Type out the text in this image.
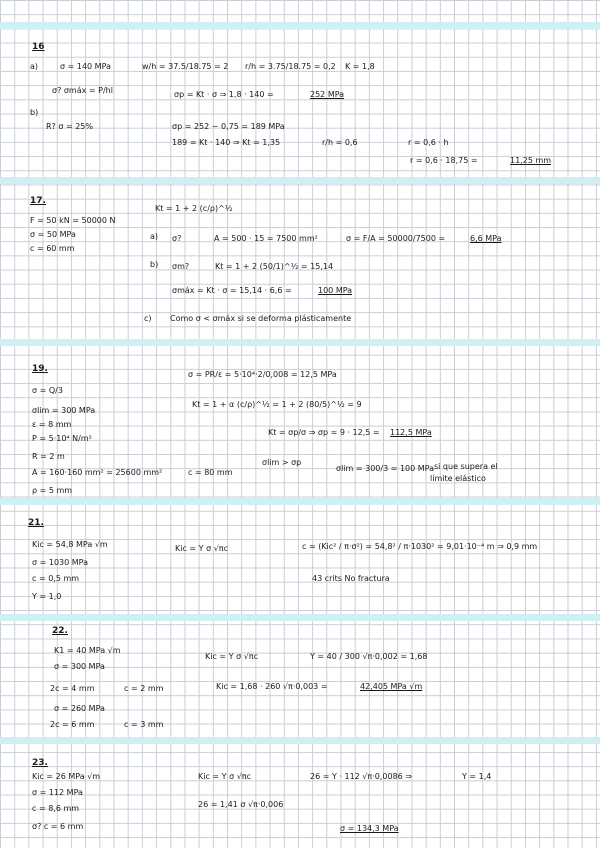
16
a)	σ = 140 MPa	w/h = 37.5/18.75 = 2 r/h = 3.75/18.75 = 0,2 K = 1,8
σ? σmáx = P/hl	σp = Kt · σ ⇒ 1,8 · 140 =	252 MPa
b)
R? σ = 25%	σp = 252 − 0,75 = 189 MPa
189 = Kt · 140 ⇒ Kt = 1,35	r/h = 0,6	r = 0,6 · h
r = 0,6 · 18,75 =	11,25 mm
17.
Kt = 1 + 2 (c/ρ)^½
F = 50 kN = 50000 N
σ = 50 MPa
c = 60 mm
a) σ?	A = 500 · 15 = 7500 mm²	σ = F/A = 50000/7500 =	6,6 MPa
b) σm?	Kt = 1 + 2 (50/1)^½ = 15,14
σmáx = Kt · σ = 15,14 · 6,6 =	100 MPa
c) Como σ < σmáx si se deforma plásticamente
19.
σ = PR/ε = 5·10⁴·2/0,008 = 12,5 MPa
σ = Q/3
Kt = 1 + α (c/ρ)^½ = 1 + 2 (80/5)^½ = 9
σlim = 300 MPa
ε = 8 mm
Kt = σp/σ ⇒ σp = 9 · 12,5 = 112,5 MPa
P = 5·10⁴ N/m²
R = 2 m
σlim > σp
σlim = 300/3 = 100 MPa si que supera el
límite elástico
A = 160·160 mm² = 25600 mm²	c = 80 mm
ρ = 5 mm
21.
Kic = 54,8 MPa √m	Kic = Y σ √πc	c = (Kic² / π·σ²) = 54,8² / π·1030² = 9,01·10⁻⁴ m ⇒ 0,9 mm
σ = 1030 MPa
43 crits No fractura
c = 0,5 mm
Y = 1,0
22.
K1 = 40 MPa √m
Kic = Y σ √πc	Y = 40 / 300 √π·0,002 = 1,68
σ = 300 MPa
2c = 4 mm	c = 2 mm	Kic = 1,68 · 260 √π·0,003 =	42,405 MPa √m
σ = 260 MPa
2c = 6 mm	c = 3 mm
23.
Kic = 26 MPa √m	Kic = Y σ √πc	26 = Y · 112 √π·0,0086 ⇒	Y = 1,4
σ = 112 MPa
26 = 1,41 σ √π·0,006
c = 8,6 mm
σ? c = 6 mm	σ = 134,3 MPa
